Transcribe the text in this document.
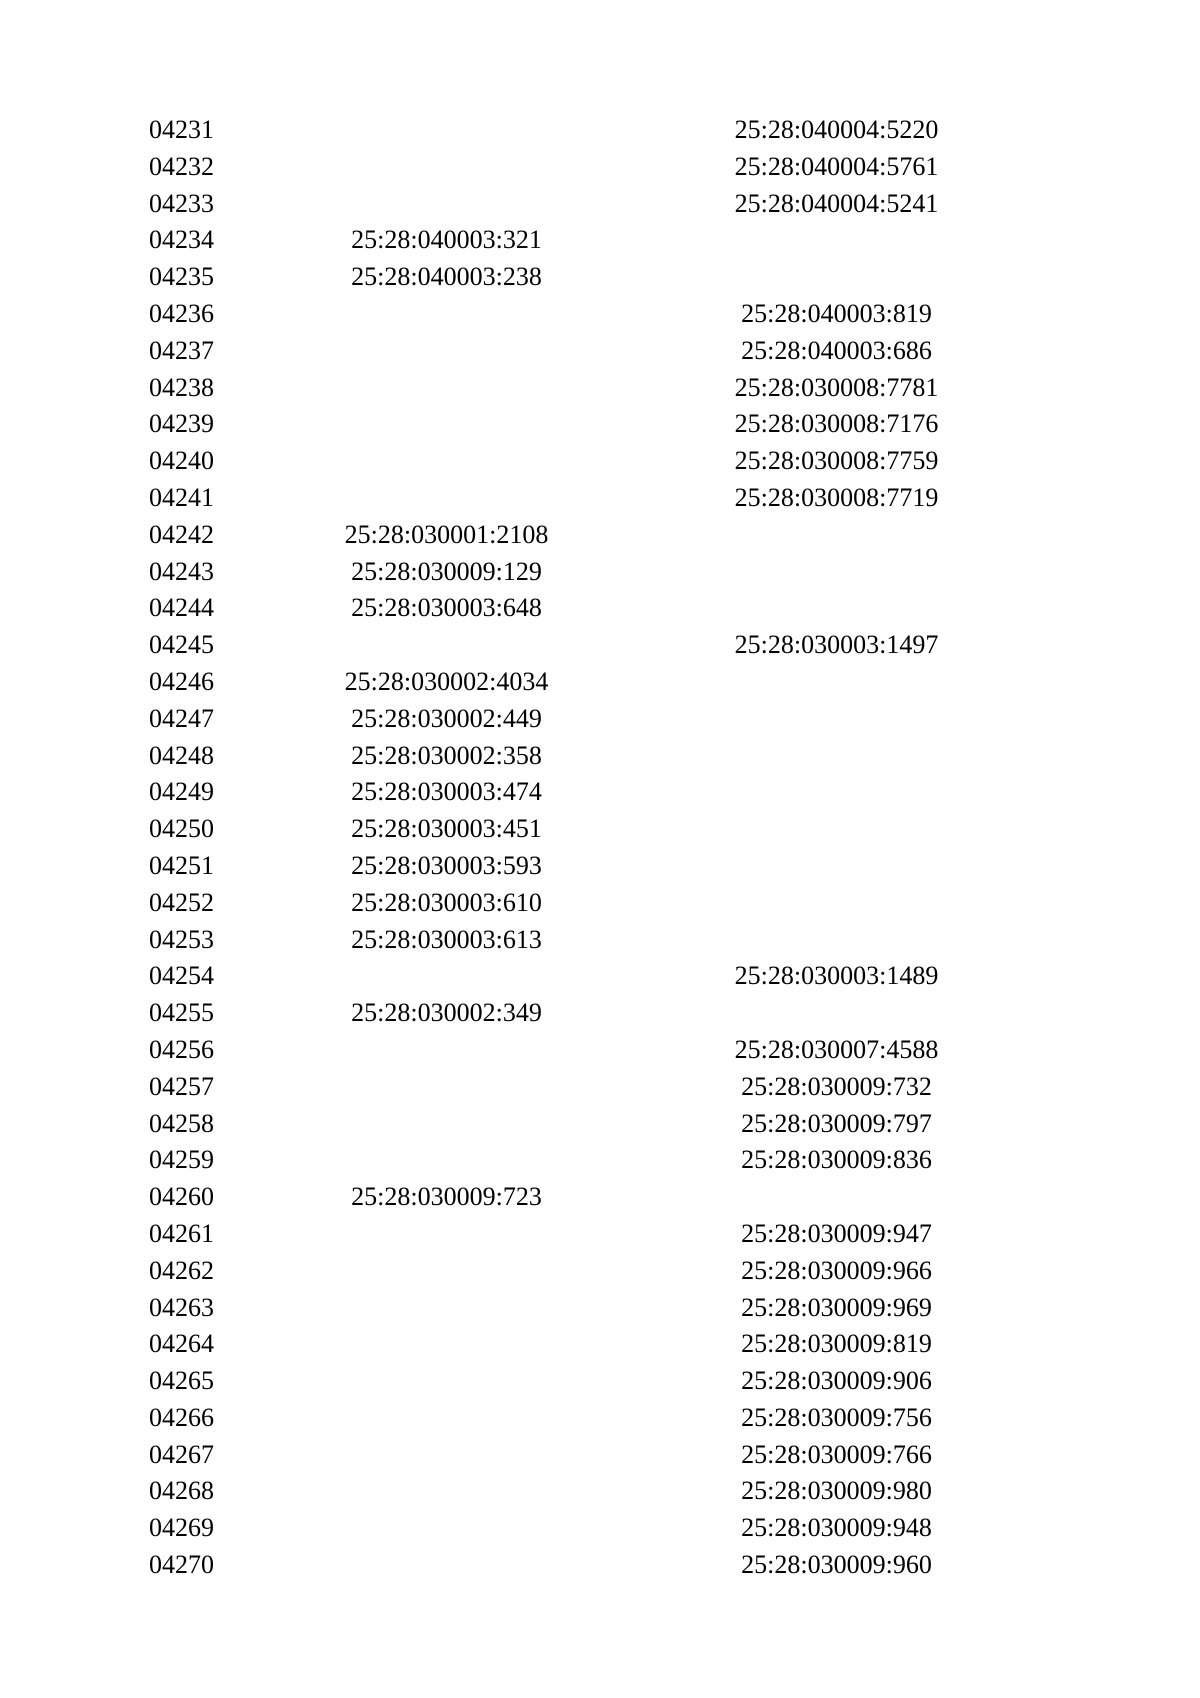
04231			25:28:040004:5220
04232			25:28:040004:5761
04233			25:28:040004:5241
04234	25:28:040003:321		
04235	25:28:040003:238		
04236			25:28:040003:819
04237			25:28:040003:686
04238			25:28:030008:7781
04239			25:28:030008:7176
04240			25:28:030008:7759
04241			25:28:030008:7719
04242	25:28:030001:2108		
04243	25:28:030009:129		
04244	25:28:030003:648		
04245			25:28:030003:1497
04246	25:28:030002:4034		
04247	25:28:030002:449		
04248	25:28:030002:358		
04249	25:28:030003:474		
04250	25:28:030003:451		
04251	25:28:030003:593		
04252	25:28:030003:610		
04253	25:28:030003:613		
04254			25:28:030003:1489
04255	25:28:030002:349		
04256			25:28:030007:4588
04257			25:28:030009:732
04258			25:28:030009:797
04259			25:28:030009:836
04260	25:28:030009:723		
04261			25:28:030009:947
04262			25:28:030009:966
04263			25:28:030009:969
04264			25:28:030009:819
04265			25:28:030009:906
04266			25:28:030009:756
04267			25:28:030009:766
04268			25:28:030009:980
04269			25:28:030009:948
04270			25:28:030009:960
